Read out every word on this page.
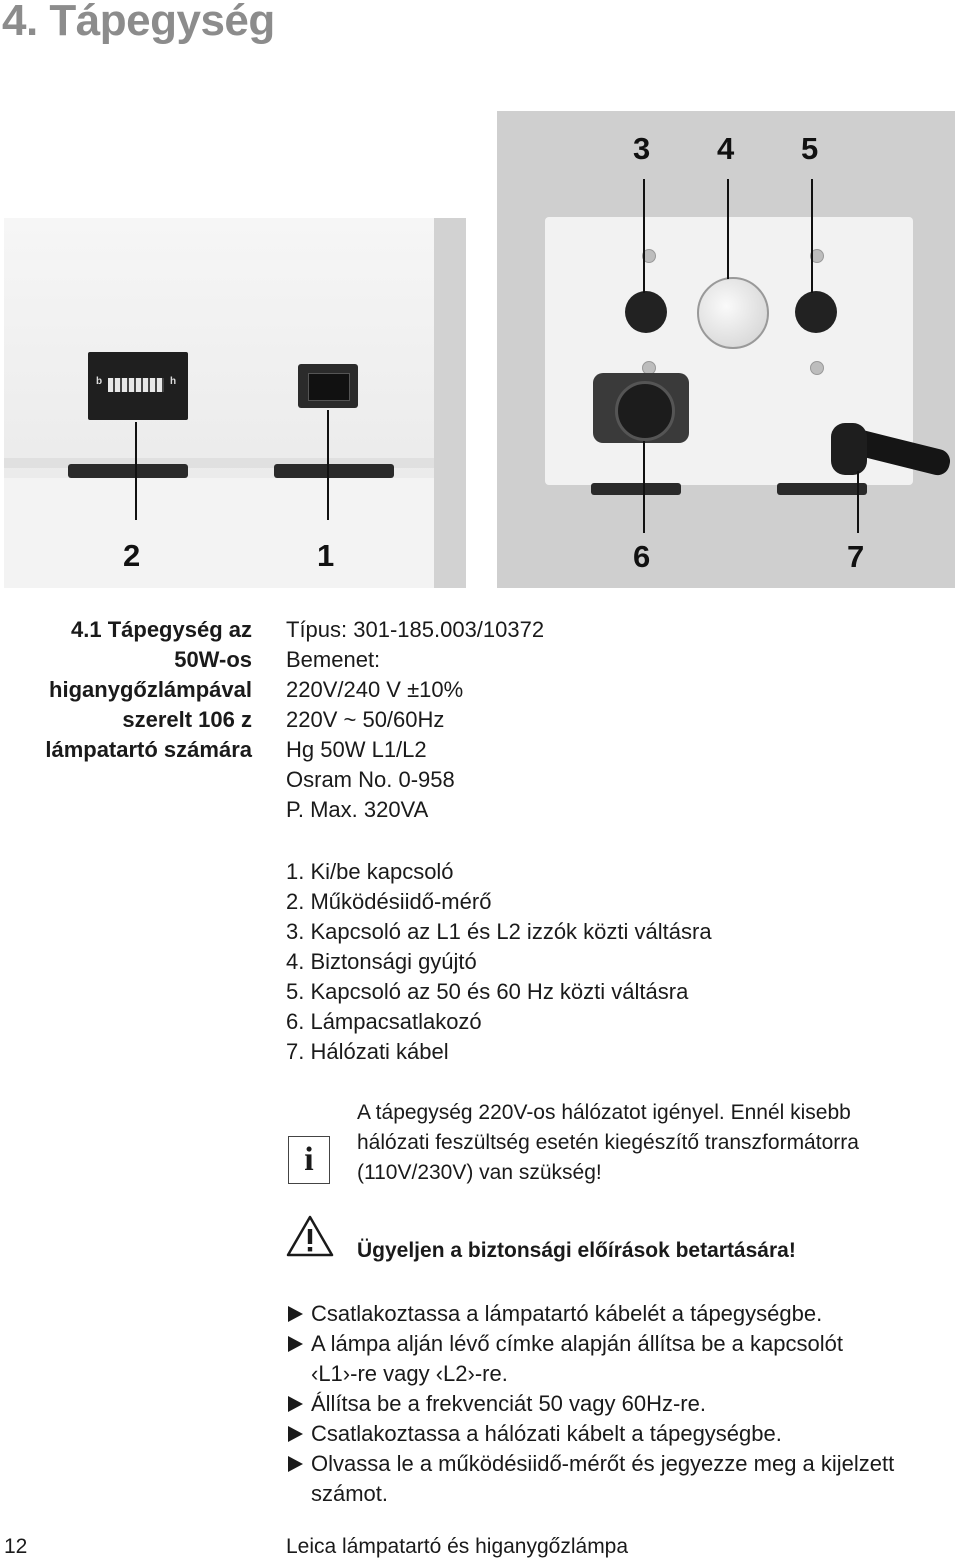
4. Tápegység
b	h
2	1
3 4 5
6	7
4.1 Tápegység az
50W-os
higanygőzlámpával
szerelt 106 z
lámpatartó számára
Típus: 301-185.003/10372
Bemenet:
220V/240 V ±10%
220V ~ 50/60Hz
Hg 50W L1/L2
Osram No. 0-958
P. Max. 320VA
1. Ki/be kapcsoló
2. Működésiidő-mérő
3. Kapcsoló az L1 és L2 izzók közti váltásra
4. Biztonsági gyújtó
5. Kapcsoló az 50 és 60 Hz közti váltásra
6. Lámpacsatlakozó
7. Hálózati kábel
i
A tápegység 220V-os hálózatot igényel. Ennél kisebb
hálózati feszültség esetén kiegészítő transzformátorra
(110V/230V) van szükség!
Ügyeljen a biztonsági előírások betartására!
Csatlakoztassa a lámpatartó kábelét a tápegységbe.
A lámpa alján lévő címke alapján állítsa be a kapcsolót
‹L1›-re vagy ‹L2›-re.
Állítsa be a frekvenciát 50 vagy 60Hz-re.
Csatlakoztassa a hálózati kábelt a tápegységbe.
Olvassa le a működésiidő-mérőt és jegyezze meg a kijelzett
számot.
12	Leica lámpatartó és higanygőzlámpa
